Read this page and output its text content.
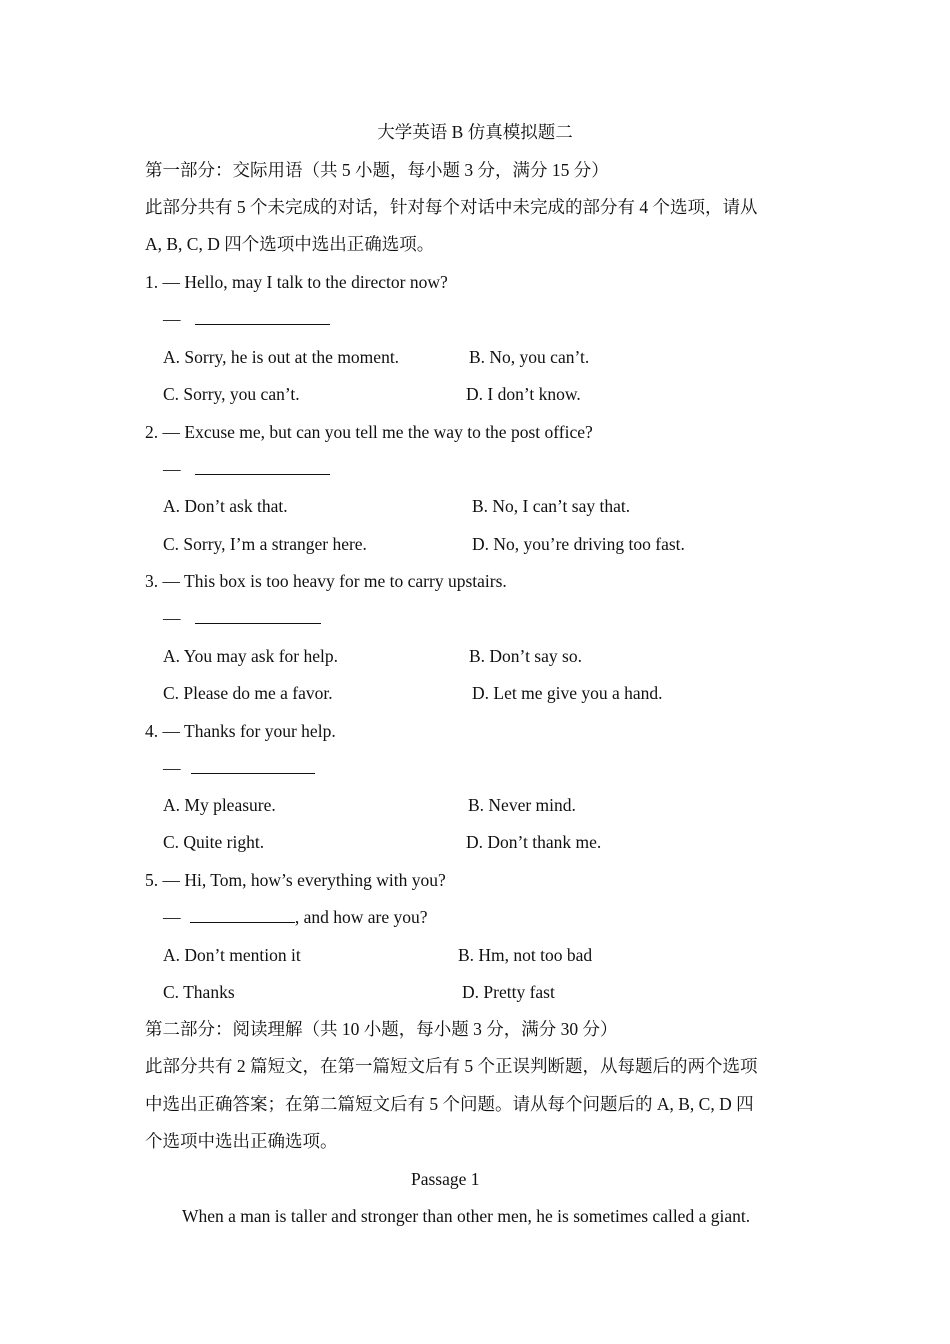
大学英语 B 仿真模拟题二
第一部分：交际用语（共 5 小题，每小题 3 分，满分 15 分）
此部分共有 5 个未完成的对话，针对每个对话中未完成的部分有 4 个选项，请从
A, B, C, D 四个选项中选出正确选项。
1. — Hello, may I talk to the director now?
—
A. Sorry, he is out at the moment.	B. No, you can’t.
C. Sorry, you can’t.	D. I don’t know.
2. — Excuse me, but can you tell me the way to the post office?
—
A. Don’t ask that.	B. No, I can’t say that.
C. Sorry, I’m a stranger here.	D. No, you’re driving too fast.
3. — This box is too heavy for me to carry upstairs.
—
A. You may ask for help.	B. Don’t say so.
C. Please do me a favor.	D. Let me give you a hand.
4. — Thanks for your help.
—
A. My pleasure.	B. Never mind.
C. Quite right.	D. Don’t thank me.
5. — Hi, Tom, how’s everything with you?
—	, and how are you?
A. Don’t mention it	B. Hm, not too bad
C. Thanks	D. Pretty fast
第二部分：阅读理解（共 10 小题，每小题 3 分，满分 30 分）
此部分共有 2 篇短文，在第一篇短文后有 5 个正误判断题，从每题后的两个选项
中选出正确答案；在第二篇短文后有 5 个问题。请从每个问题后的 A, B, C, D 四
个选项中选出正确选项。
Passage 1
When a man is taller and stronger than other men, he is sometimes called a giant.
